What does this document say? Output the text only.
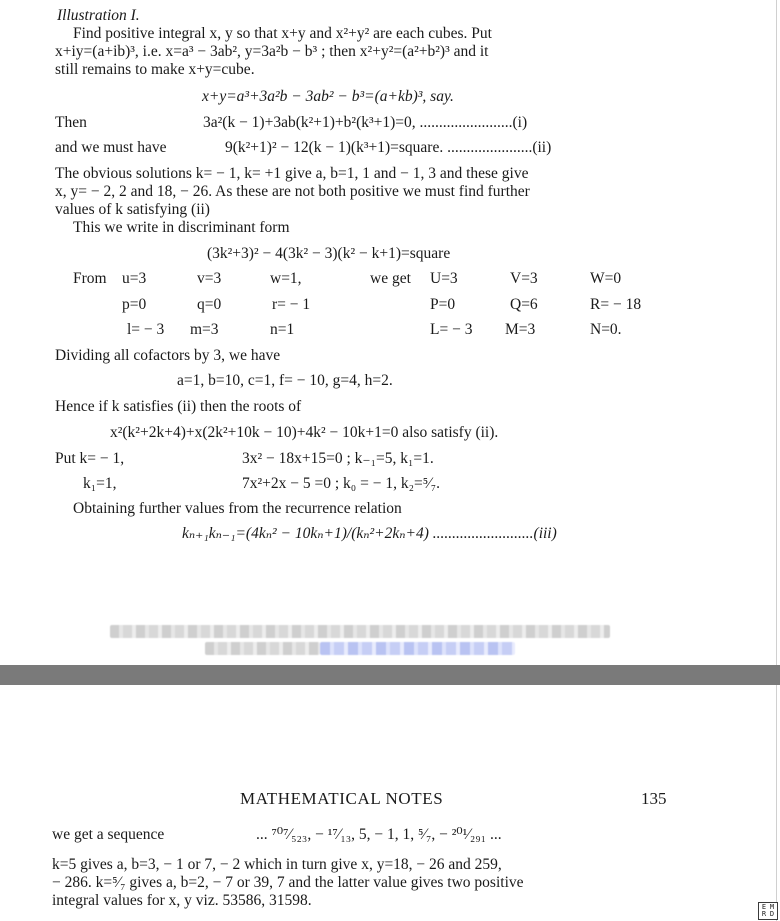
Illustration I.
Find positive integral x, y so that x+y and x²+y² are each cubes. Put
x+iy=(a+ib)³, i.e. x=a³ − 3ab², y=3a²b − b³ ; then x²+y²=(a²+b²)³ and it
still remains to make x+y=cube.
x+y=a³+3a²b − 3ab² − b³=(a+kb)³, say.
Then	3a²(k − 1)+3ab(k²+1)+b²(k³+1)=0, ........................(i)
and we must have	9(k²+1)² − 12(k − 1)(k³+1)=square. ......................(ii)
The obvious solutions k= − 1, k= +1 give a, b=1, 1 and − 1, 3 and these give
x, y= − 2, 2 and 18, − 26. As these are not both positive we must find further
values of k satisfying (ii)
This we write in discriminant form
(3k²+3)² − 4(3k² − 3)(k² − k+1)=square
From u=3	v=3	w=1,	we get U=3	V=3	W=0
p=0	q=0	r= − 1	P=0	Q=6	R= − 18
l= − 3 m=3	n=1	L= − 3 M=3	N=0.
Dividing all cofactors by 3, we have
a=1, b=10, c=1, f= − 10, g=4, h=2.
Hence if k satisfies (ii) then the roots of
x²(k²+2k+4)+x(2k²+10k − 10)+4k² − 10k+1=0 also satisfy (ii).
Put k= − 1,	3x² − 18x+15=0 ; k₋₁=5, k₁=1.
k₁=1,	7x²+2x − 5 =0 ; k₀ = − 1, k₂=⁵⁄₇.
Obtaining further values from the recurrence relation
kₙ₊₁kₙ₋₁=(4kₙ² − 10kₙ+1)/(kₙ²+2kₙ+4) ..........................(iii)
MATHEMATICAL NOTES	135
we get a sequence	... ⁷⁰⁷⁄₅₂₃, − ¹⁷⁄₁₃, 5, − 1, 1, ⁵⁄₇, − ²⁰¹⁄₂₉₁ ...
k=5 gives a, b=3, − 1 or 7, − 2 which in turn give x, y=18, − 26 and 259,
− 286. k=⁵⁄₇ gives a, b=2, − 7 or 39, 7 and the latter value gives two positive
integral values for x, y viz. 53586, 31598.	E M
R D
